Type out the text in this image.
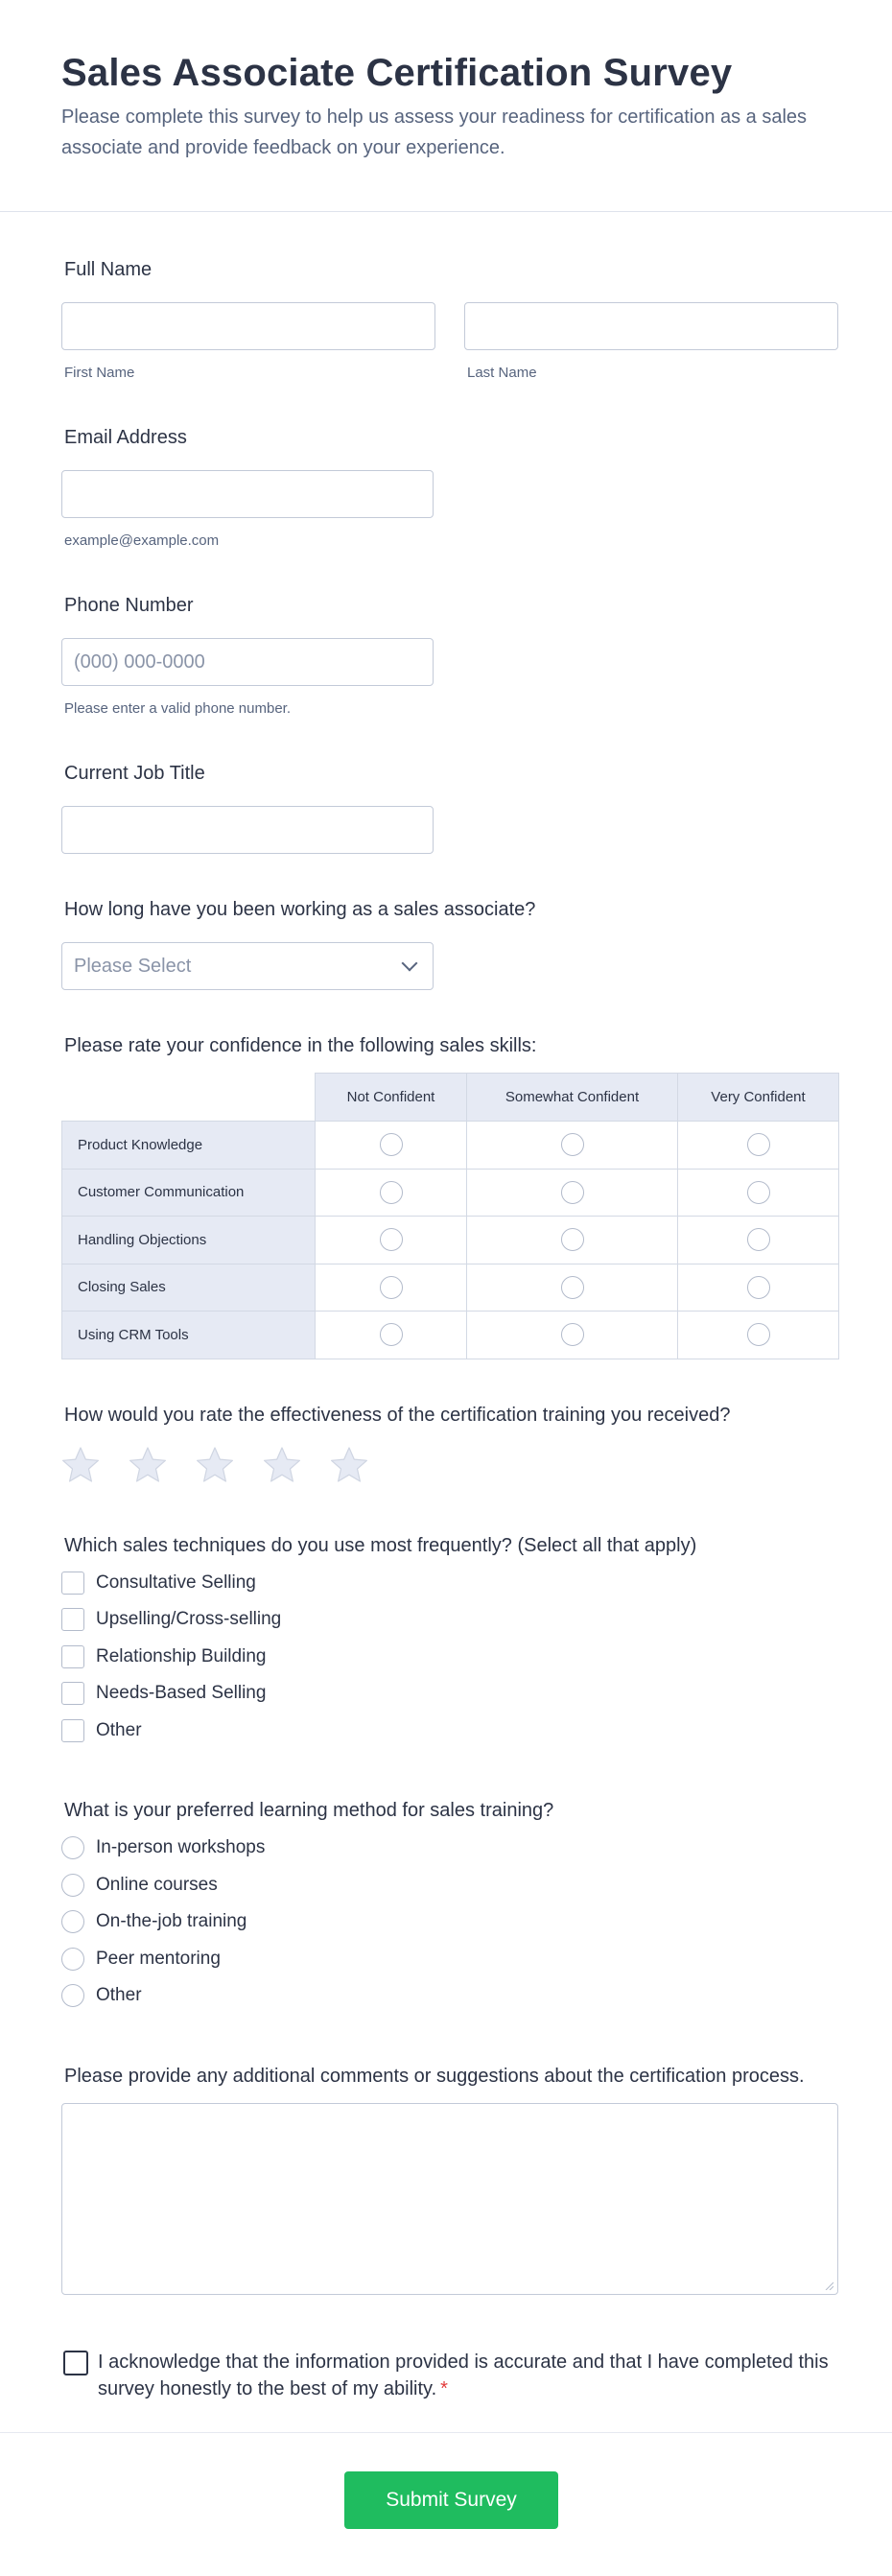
Sales Associate Certification Survey

Please complete this survey to help us assess your readiness for certification as a sales associate and provide feedback on your experience.

Full Name
First Name	Last Name
Email Address
example@example.com
Phone Number
(000) 000-0000
Please enter a valid phone number.
Current Job Title
How long have you been working as a sales associate?
Please Select
Please rate your confidence in the following sales skills:
	Not Confident	Somewhat Confident	Very Confident
Product Knowledge			
Customer Communication			
Handling Objections			
Closing Sales			
Using CRM Tools			
How would you rate the effectiveness of the certification training you received?
Which sales techniques do you use most frequently? (Select all that apply)
Consultative Selling
Upselling/Cross-selling
Relationship Building
Needs-Based Selling
Other
What is your preferred learning method for sales training?
In-person workshops
Online courses
On-the-job training
Peer mentoring
Other
Please provide any additional comments or suggestions about the certification process.
I acknowledge that the information provided is accurate and that I have completed this survey honestly to the best of my ability. *
Submit Survey
